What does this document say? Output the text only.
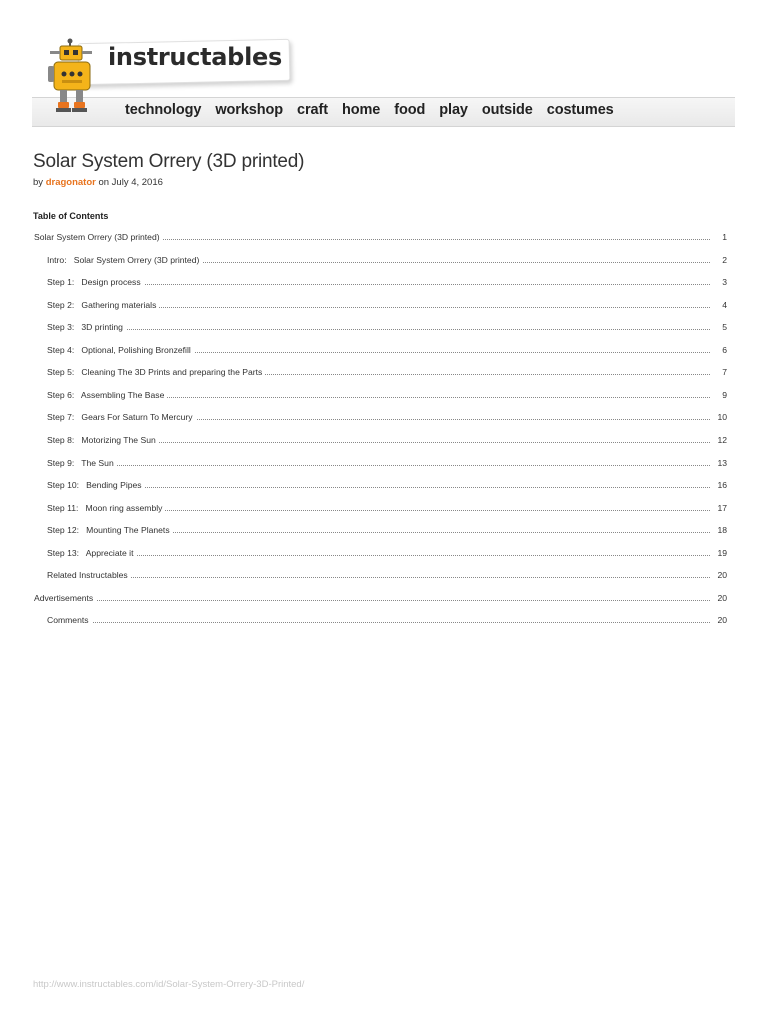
instructables
technology workshop craft home food play outside costumes
Solar System Orrery (3D printed)
by dragonator on July 4, 2016
Table of Contents
Solar System Orrery (3D printed)	1
Intro:   Solar System Orrery (3D printed)	2
Step 1:   Design process	3
Step 2:   Gathering materials	4
Step 3:   3D printing	5
Step 4:   Optional, Polishing Bronzefill	6
Step 5:   Cleaning The 3D Prints and preparing the Parts	7
Step 6:   Assembling The Base	9
Step 7:   Gears For Saturn To Mercury	10
Step 8:   Motorizing The Sun	12
Step 9:   The Sun	13
Step 10:   Bending Pipes	16
Step 11:   Moon ring assembly	17
Step 12:   Mounting The Planets	18
Step 13:   Appreciate it	19
Related Instructables	20
Advertisements	20
Comments	20
http://www.instructables.com/id/Solar-System-Orrery-3D-Printed/
